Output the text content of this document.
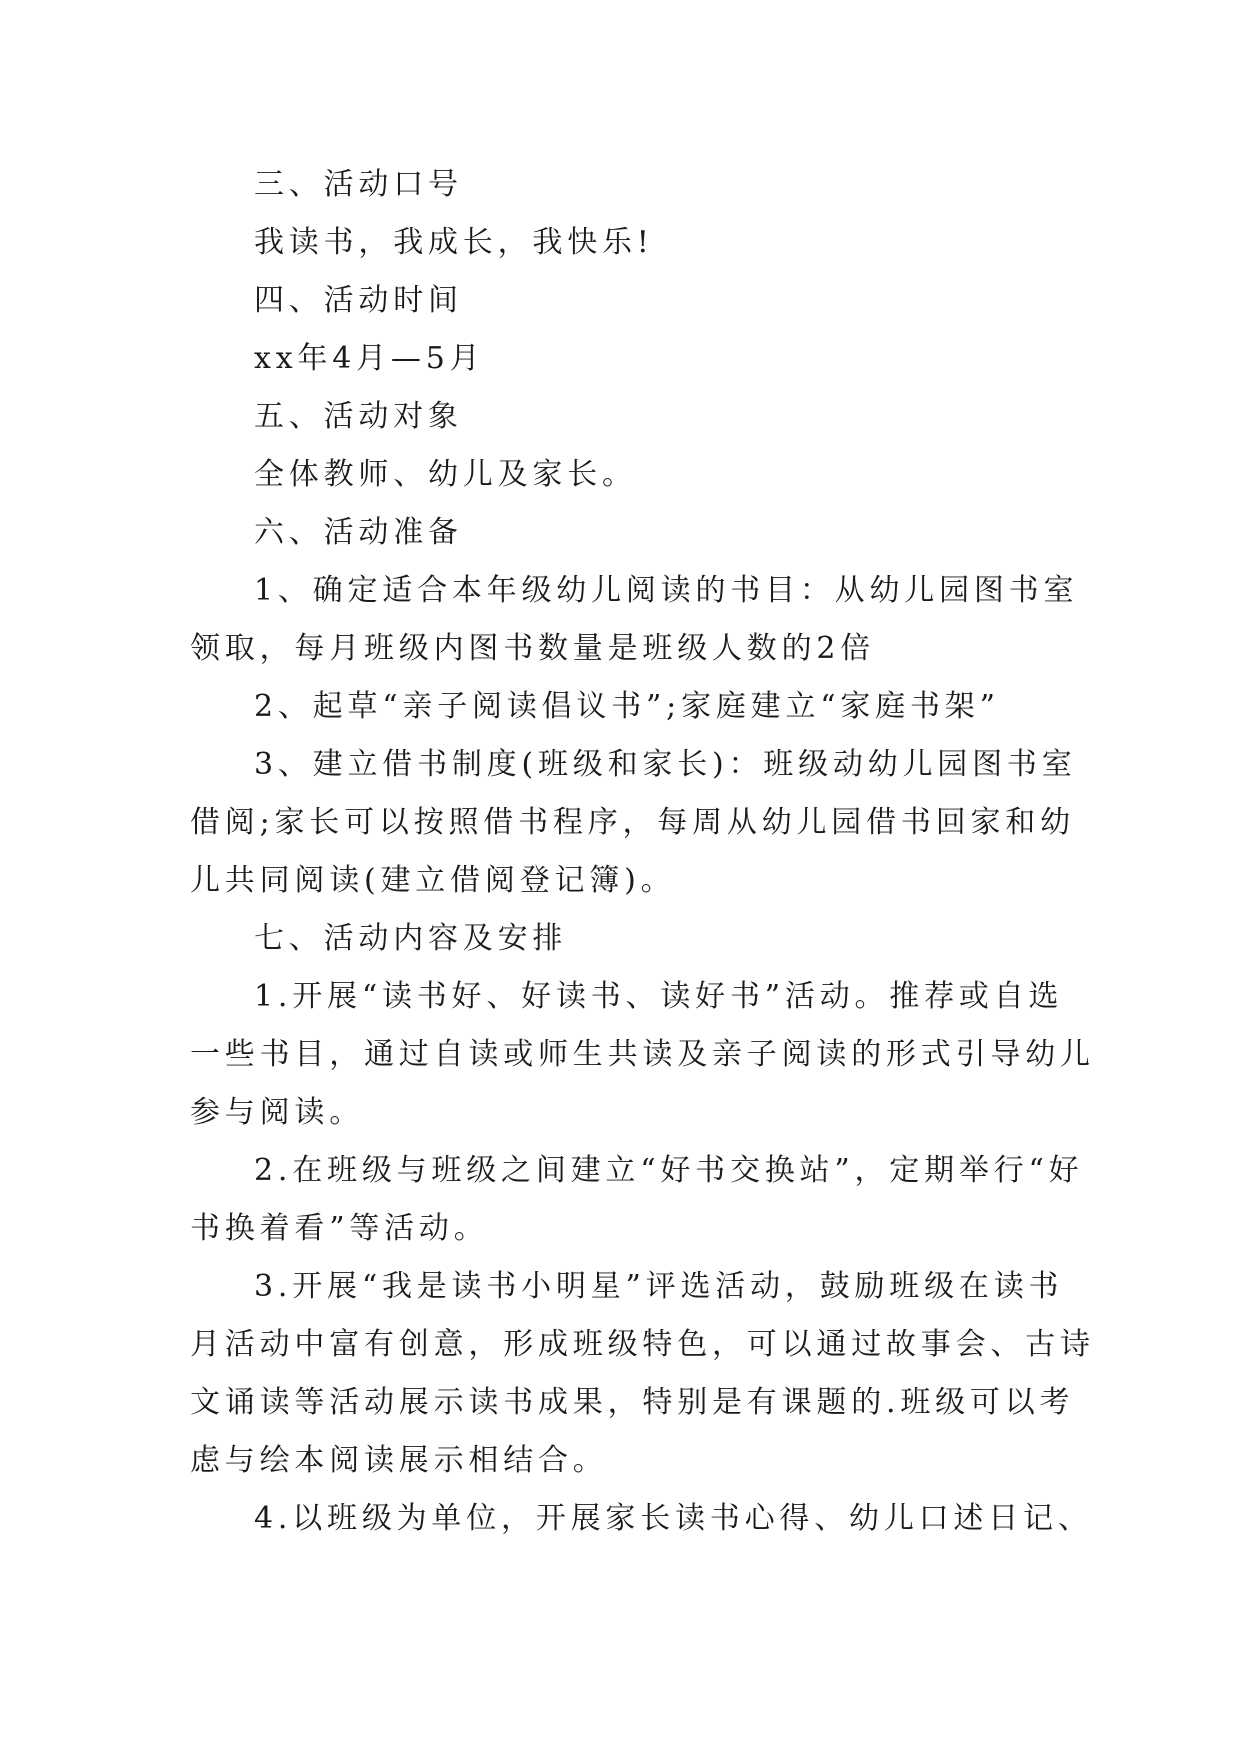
三、活动口号
我读书，我成长，我快乐!
四、活动时间
xx年4月—5月
五、活动对象
全体教师、幼儿及家长。
六、活动准备
1、确定适合本年级幼儿阅读的书目：从幼儿园图书室
领取，每月班级内图书数量是班级人数的2倍
2、起草“亲子阅读倡议书”;家庭建立“家庭书架”
3、建立借书制度(班级和家长)：班级动幼儿园图书室
借阅;家长可以按照借书程序，每周从幼儿园借书回家和幼
儿共同阅读(建立借阅登记簿)。
七、活动内容及安排
1.开展“读书好、好读书、读好书”活动。推荐或自选
一些书目，通过自读或师生共读及亲子阅读的形式引导幼儿
参与阅读。
2.在班级与班级之间建立“好书交换站”，定期举行“好
书换着看”等活动。
3.开展“我是读书小明星”评选活动，鼓励班级在读书
月活动中富有创意，形成班级特色，可以通过故事会、古诗
文诵读等活动展示读书成果，特别是有课题的.班级可以考
虑与绘本阅读展示相结合。
4.以班级为单位，开展家长读书心得、幼儿口述日记、
